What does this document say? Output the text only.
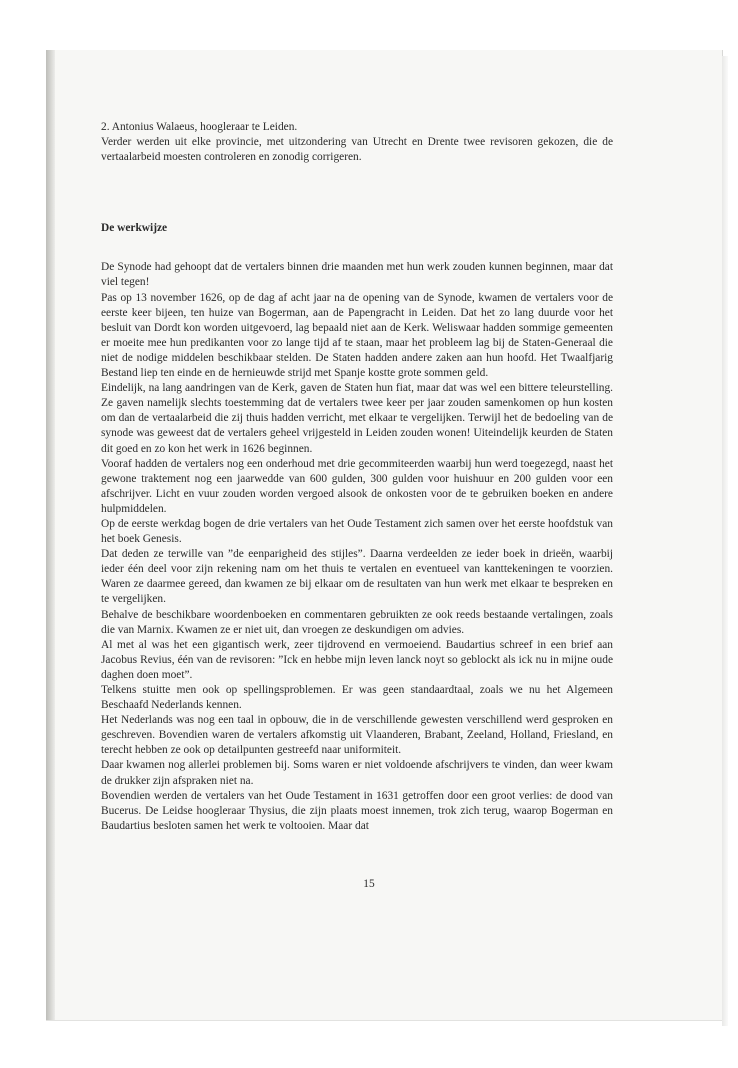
2. Antonius Walaeus, hoogleraar te Leiden.

Verder werden uit elke provincie, met uitzondering van Utrecht en Drente twee revisoren gekozen, die de vertaalarbeid moesten controleren en zonodig corrigeren.

De werkwijze

De Synode had gehoopt dat de vertalers binnen drie maanden met hun werk zouden kunnen beginnen, maar dat viel tegen!

Pas op 13 november 1626, op de dag af acht jaar na de opening van de Synode, kwamen de vertalers voor de eerste keer bijeen, ten huize van Bogerman, aan de Papengracht in Leiden. Dat het zo lang duurde voor het besluit van Dordt kon worden uitgevoerd, lag bepaald niet aan de Kerk. Weliswaar hadden sommige gemeenten er moeite mee hun predikanten voor zo lange tijd af te staan, maar het probleem lag bij de Staten-Generaal die niet de nodige middelen beschikbaar stelden. De Staten hadden andere zaken aan hun hoofd. Het Twaalfjarig Bestand liep ten einde en de hernieuwde strijd met Spanje kostte grote sommen geld.

Eindelijk, na lang aandringen van de Kerk, gaven de Staten hun fiat, maar dat was wel een bittere teleurstelling. Ze gaven namelijk slechts toestemming dat de vertalers twee keer per jaar zouden samenkomen op hun kosten om dan de vertaalarbeid die zij thuis hadden verricht, met elkaar te vergelijken. Terwijl het de bedoeling van de synode was geweest dat de vertalers geheel vrijgesteld in Leiden zouden wonen! Uiteindelijk keurden de Staten dit goed en zo kon het werk in 1626 beginnen.

Vooraf hadden de vertalers nog een onderhoud met drie gecommiteerden waarbij hun werd toegezegd, naast het gewone traktement nog een jaarwedde van 600 gulden, 300 gulden voor huishuur en 200 gulden voor een afschrijver. Licht en vuur zouden worden vergoed alsook de onkosten voor de te gebruiken boeken en andere hulpmiddelen.

Op de eerste werkdag bogen de drie vertalers van het Oude Testament zich samen over het eerste hoofdstuk van het boek Genesis.

Dat deden ze terwille van ”de eenparigheid des stijles”. Daarna verdeelden ze ieder boek in drieën, waarbij ieder één deel voor zijn rekening nam om het thuis te vertalen en eventueel van kanttekeningen te voorzien. Waren ze daarmee gereed, dan kwamen ze bij elkaar om de resultaten van hun werk met elkaar te bespreken en te vergelijken.

Behalve de beschikbare woordenboeken en commentaren gebruikten ze ook reeds bestaande vertalingen, zoals die van Marnix. Kwamen ze er niet uit, dan vroegen ze deskundigen om advies.

Al met al was het een gigantisch werk, zeer tijdrovend en vermoeiend. Baudartius schreef in een brief aan Jacobus Revius, één van de revisoren: ”Ick en hebbe mijn leven lanck noyt so geblockt als ick nu in mijne oude daghen doen moet”.

Telkens stuitte men ook op spellingsproblemen. Er was geen standaardtaal, zoals we nu het Algemeen Beschaafd Nederlands kennen.

Het Nederlands was nog een taal in opbouw, die in de verschillende gewesten verschillend werd gesproken en geschreven. Bovendien waren de vertalers afkomstig uit Vlaanderen, Brabant, Zeeland, Holland, Friesland, en terecht hebben ze ook op detailpunten gestreefd naar uniformiteit.

Daar kwamen nog allerlei problemen bij. Soms waren er niet voldoende afschrijvers te vinden, dan weer kwam de drukker zijn afspraken niet na.

Bovendien werden de vertalers van het Oude Testament in 1631 getroffen door een groot verlies: de dood van Bucerus. De Leidse hoogleraar Thysius, die zijn plaats moest innemen, trok zich terug, waarop Bogerman en Baudartius besloten samen het werk te voltooien. Maar dat

15
